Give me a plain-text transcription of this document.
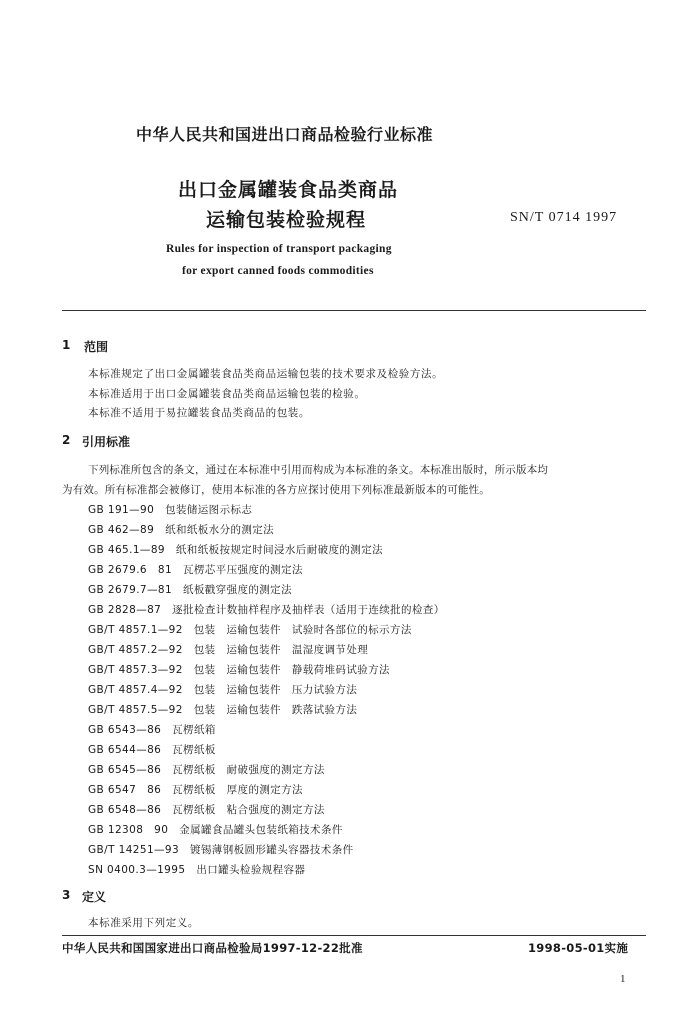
中华人民共和国进出口商品检验行业标准
出口金属罐装食品类商品
运输包装检验规程	SN/T 0714 1997
Rules for inspection of transport packaging
for export canned foods commodities
1 范围
本标准规定了出口金属罐装食品类商品运输包装的技术要求及检验方法。
本标准适用于出口金属罐装食品类商品运输包装的检验。
本标准不适用于易拉罐装食品类商品的包装。
2 引用标准
下列标准所包含的条文，通过在本标准中引用而构成为本标准的条文。本标准出版时，所示版本均
为有效。所有标准都会被修订，使用本标准的各方应探讨使用下列标准最新版本的可能性。
GB 191—90　包装储运图示标志
GB 462—89　纸和纸板水分的测定法
GB 465.1—89　纸和纸板按规定时间浸水后耐破度的测定法
GB 2679.6　81　瓦楞芯平压强度的测定法
GB 2679.7—81　纸板戳穿强度的测定法
GB 2828—87　逐批检查计数抽样程序及抽样表（适用于连续批的检查）
GB/T 4857.1—92　包装　运输包装件　试验时各部位的标示方法
GB/T 4857.2—92　包装　运输包装件　温湿度调节处理
GB/T 4857.3—92　包装　运输包装件　静载荷堆码试验方法
GB/T 4857.4—92　包装　运输包装件　压力试验方法
GB/T 4857.5—92　包装　运输包装件　跌落试验方法
GB 6543—86　瓦楞纸箱
GB 6544—86　瓦楞纸板
GB 6545—86　瓦楞纸板　耐破强度的测定方法
GB 6547　86　瓦楞纸板　厚度的测定方法
GB 6548—86　瓦楞纸板　粘合强度的测定方法
GB 12308　90　金属罐食品罐头包装纸箱技术条件
GB/T 14251—93　镀锡薄钢板圆形罐头容器技术条件
SN 0400.3—1995　出口罐头检验规程容器
3 定义
本标准采用下列定义。
中华人民共和国国家进出口商品检验局1997-12-22批准	1998-05-01实施
1
